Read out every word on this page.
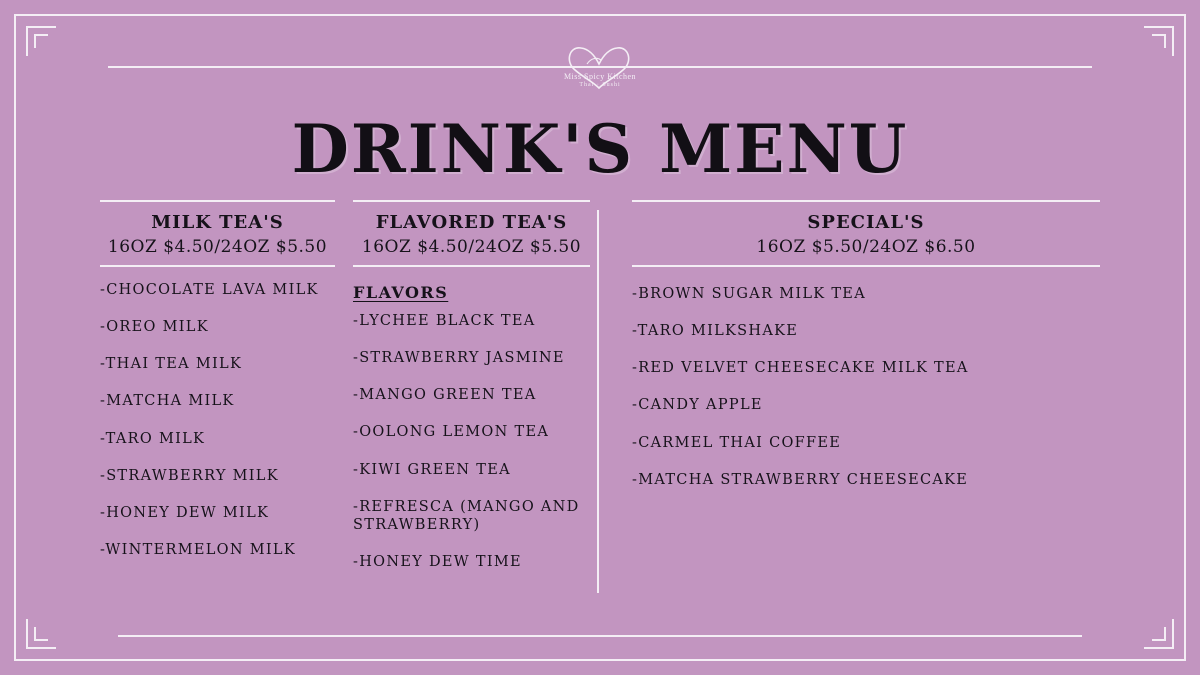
Miss Spicy Kitchen
Thai · Sushi
DRINK'S MENU
MILK TEA'S
16OZ $4.50/24OZ $5.50
-CHOCOLATE LAVA MILK
-OREO MILK
-THAI TEA MILK
-MATCHA MILK
-TARO MILK
-STRAWBERRY MILK
-HONEY DEW MILK
-WINTERMELON MILK
FLAVORED TEA'S
16OZ $4.50/24OZ $5.50
FLAVORS
-LYCHEE BLACK TEA
-STRAWBERRY JASMINE
-MANGO GREEN TEA
-OOLONG LEMON TEA
-KIWI GREEN TEA
-REFRESCA (MANGO AND STRAWBERRY)
-HONEY DEW TIME
SPECIAL'S
16OZ $5.50/24OZ $6.50
-BROWN SUGAR MILK TEA
-TARO MILKSHAKE
-RED VELVET CHEESECAKE MILK TEA
-CANDY APPLE
-CARMEL THAI COFFEE
-MATCHA STRAWBERRY CHEESECAKE
